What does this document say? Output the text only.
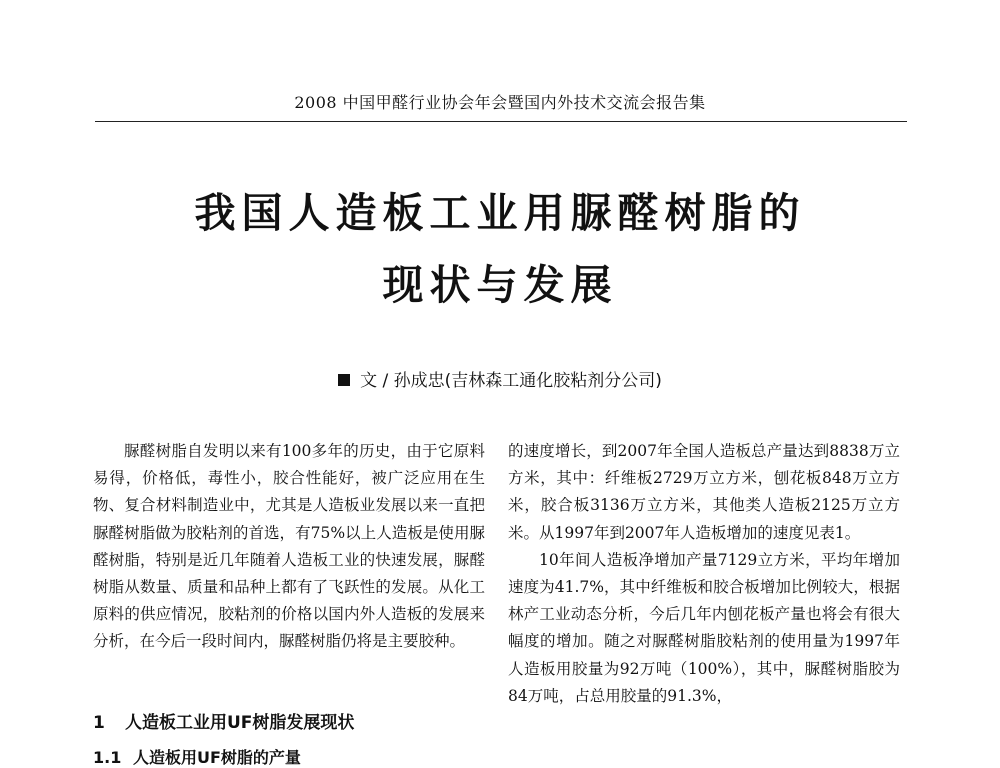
2008 中国甲醛行业协会年会暨国内外技术交流会报告集
我国人造板工业用脲醛树脂的
现状与发展
文 / 孙成忠(吉林森工通化胶粘剂分公司)

脲醛树脂自发明以来有100多年的历史，由于它原料易得，价格低，毒性小，胶合性能好，被广泛应用在生物、复合材料制造业中，尤其是人造板业发展以来一直把脲醛树脂做为胶粘剂的首选，有75%以上人造板是使用脲醛树脂，特别是近几年随着人造板工业的快速发展，脲醛树脂从数量、质量和品种上都有了飞跃性的发展。从化工原料的供应情况，胶粘剂的价格以国内外人造板的发展来分析，在今后一段时间内，脲醛树脂仍将是主要胶种。

1 人造板工业用UF树脂发展现状
1.1 人造板用UF树脂的产量

的速度增长，到2007年全国人造板总产量达到8838万立方米，其中：纤维板2729万立方米，刨花板848万立方米，胶合板3136万立方米，其他类人造板2125万立方米。从1997年到2007年人造板增加的速度见表1。

10年间人造板净增加产量7129立方米，平均年增加速度为41.7%，其中纤维板和胶合板增加比例较大，根据林产工业动态分析，今后几年内刨花板产量也将会有很大幅度的增加。随之对脲醛树脂胶粘剂的使用量为1997年人造板用胶量为92万吨（100%），其中，脲醛树脂胶为84万吨，占总用胶量的91.3%，
